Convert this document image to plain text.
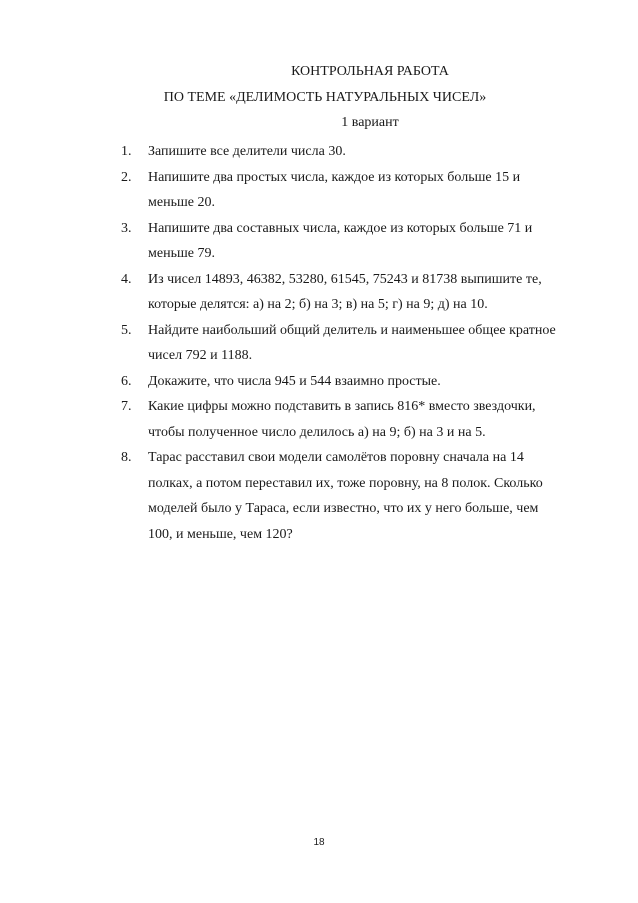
КОНТРОЛЬНАЯ РАБОТА
ПО ТЕМЕ «ДЕЛИМОСТЬ НАТУРАЛЬНЫХ ЧИСЕЛ»
1 вариант
1. Запишите все делители числа 30.
2. Напишите два простых числа, каждое из которых больше 15 и
меньше 20.
3. Напишите два составных числа, каждое из которых больше 71 и
меньше 79.
4. Из чисел 14893, 46382, 53280, 61545, 75243 и 81738 выпишите те,
которые делятся: а) на 2; б) на 3; в) на 5; г) на 9; д) на 10.
5. Найдите наибольший общий делитель и наименьшее общее кратное
чисел 792 и 1188.
6. Докажите, что числа 945 и 544 взаимно простые.
7. Какие цифры можно подставить в запись 816* вместо звездочки,
чтобы полученное число делилось а) на 9; б) на 3 и на 5.
8. Тарас расставил свои модели самолётов поровну сначала на 14
полках, а потом переставил их, тоже поровну, на 8 полок. Сколько
моделей было у Тараса, если известно, что их у него больше, чем
100, и меньше, чем 120?
18
